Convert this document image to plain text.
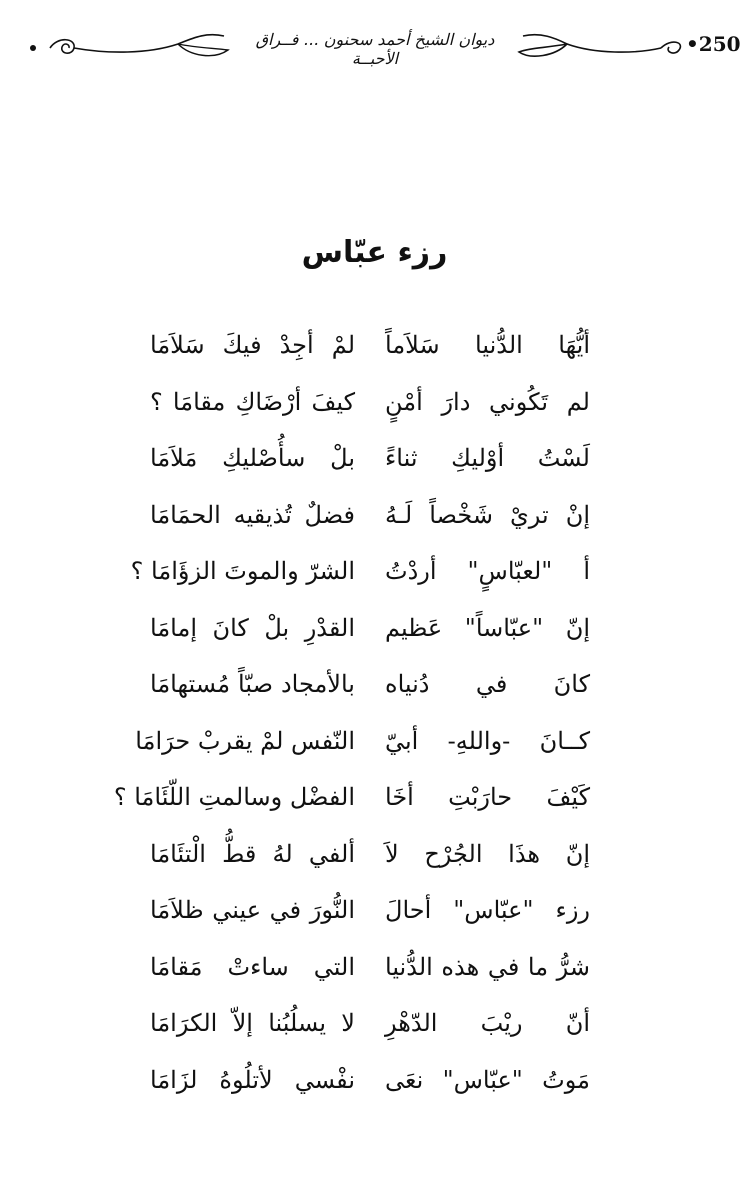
ديوان الشيخ أحمد سحنون ... فــراق الأحبــة
•250
رزء عبّاس
أيُّهَا الدُّنيا سَلاَماً
لمْ أجِدْ فيكَ سَلاَمَا
لم تَكُوني دارَ أمْنٍ
كيفَ أرْضَاكِ مقامَا ؟
لَسْتُ أوْليكِ ثناءً
بلْ سأُصْليكِ مَلاَمَا
إنْ تريْ شَخْصاً لَـهُ
فضلٌ تُذيقيه الحمَامَا
أ "لعبّاسٍ" أردْتُ
الشرّ والموتَ الزؤَامَا ؟
إنّ "عبّاساً" عَظيم
القدْرِ بلْ كانَ إمامَا
كانَ في دُنياه
بالأمجاد صبّاً مُستهامَا
كــانَ -واللهِ- أبيّ
النّفس لمْ يقربْ حرَامَا
كَيْفَ حارَبْتِ أخَا
الفضْل وسالمتِ اللّئَامَا ؟
إنّ هذَا الجُرْح لاَ
ألفي لهُ قطُّ الْتئَامَا
رزء "عبّاس" أحالَ
النُّورَ في عيني ظلاَمَا
شرُّ ما في هذه الدُّنيا
التي ساءتْ مَقامَا
أنّ ريْبَ الدّهْرِ
لا يسلُبُنا إلاّ الكرَامَا
مَوتُ "عبّاس" نعَى
نفْسي لأتلُوهُ لزَامَا
